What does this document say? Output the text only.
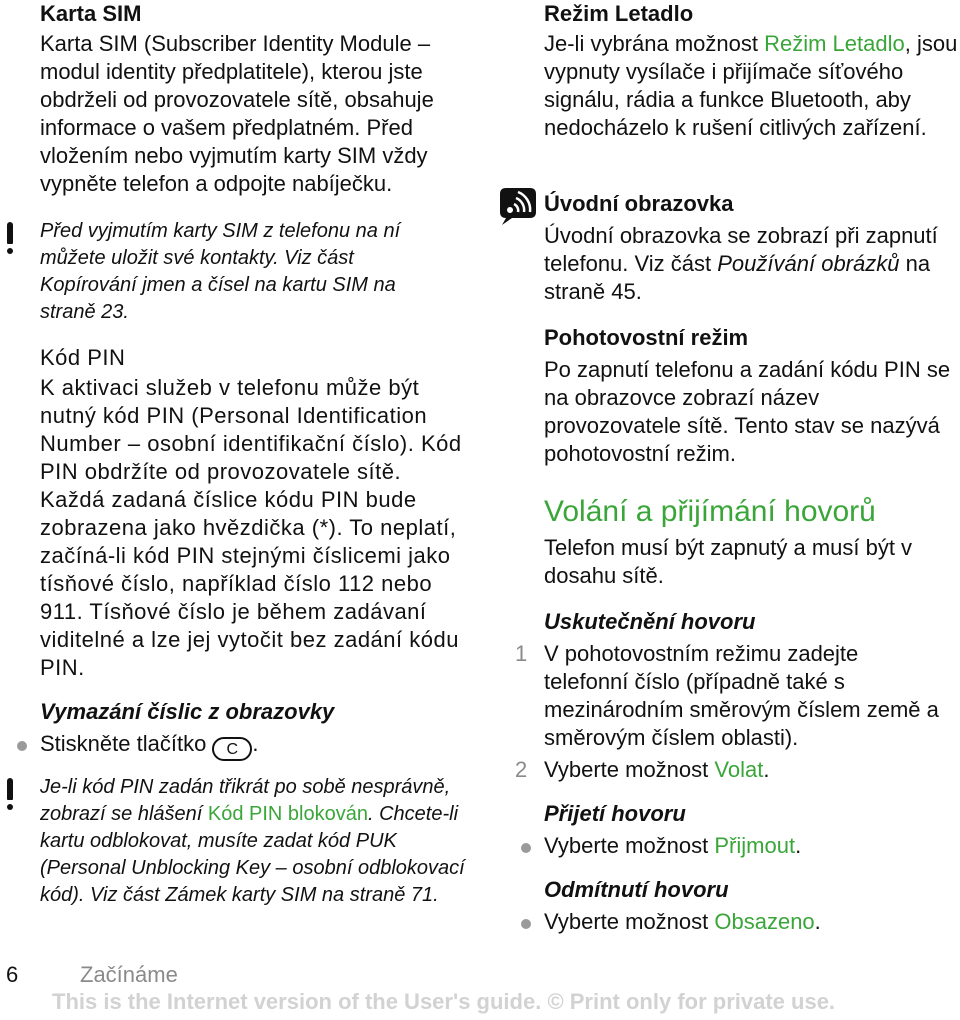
Karta SIM

Karta SIM (Subscriber Identity Module – modul identity předplatitele), kterou jste obdrželi od provozovatele sítě, obsahuje informace o vašem předplatném. Před vložením nebo vyjmutím karty SIM vždy vypněte telefon a odpojte nabíječku.

Před vyjmutím karty SIM z telefonu na ní můžete uložit své kontakty. Viz část Kopírování jmen a čísel na kartu SIM na straně 23.

Kód PIN

K aktivaci služeb v telefonu může být nutný kód PIN (Personal Identification Number – osobní identifikační číslo). Kód PIN obdržíte od provozovatele sítě. Každá zadaná číslice kódu PIN bude zobrazena jako hvězdička (*). To neplatí, začíná-li kód PIN stejnými číslicemi jako tísňové číslo, například číslo 112 nebo 911. Tísňové číslo je během zadávaní viditelné a lze jej vytočit bez zadání kódu PIN.

Vymazání číslic z obrazovky

Stiskněte tlačítko C .

Je-li kód PIN zadán třikrát po sobě nesprávně, zobrazí se hlášení Kód PIN blokován. Chcete-li kartu odblokovat, musíte zadat kód PUK (Personal Unblocking Key – osobní odblokovací kód). Viz část Zámek karty SIM na straně 71.

Režim Letadlo

Je-li vybrána možnost Režim Letadlo, jsou vypnuty vysílače i přijímače síťového signálu, rádia a funkce Bluetooth, aby nedocházelo k rušení citlivých zařízení.

Úvodní obrazovka

Úvodní obrazovka se zobrazí při zapnutí telefonu. Viz část Používání obrázků na straně 45.

Pohotovostní režim

Po zapnutí telefonu a zadání kódu PIN se na obrazovce zobrazí název provozovatele sítě. Tento stav se nazývá pohotovostní režim.

Volání a přijímání hovorů

Telefon musí být zapnutý a musí být v dosahu sítě.

Uskutečnění hovoru
1 V pohotovostním režimu zadejte telefonní číslo (případně také s mezinárodním směrovým číslem země a směrovým číslem oblasti).

2 Vyberte možnost Volat.

Přijetí hovoru

Vyberte možnost Přijmout.

Odmítnutí hovoru

Vyberte možnost Obsazeno.

6	Začínáme
This is the Internet version of the User's guide. © Print only for private use.
